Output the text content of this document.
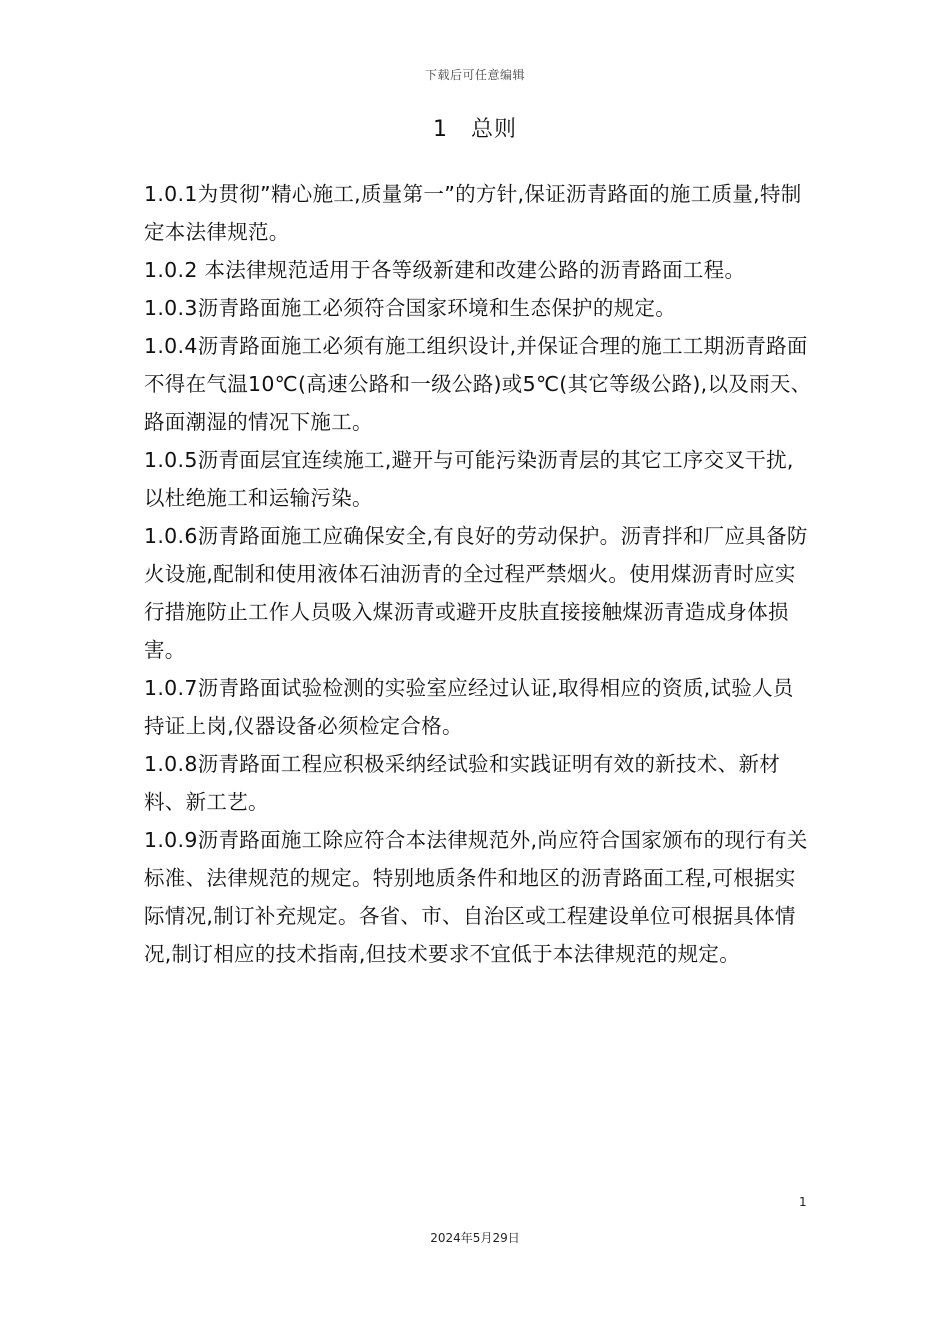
下载后可任意编辑
1　总则

1.0.1为贯彻”精心施工,质量第一”的方针,保证沥青路面的施工质量,特制定本法律规范。

1.0.2 本法律规范适用于各等级新建和改建公路的沥青路面工程。

1.0.3沥青路面施工必须符合国家环境和生态保护的规定。

1.0.4沥青路面施工必须有施工组织设计,并保证合理的施工工期沥青路面不得在气温10℃(高速公路和一级公路)或5℃(其它等级公路),以及雨天、路面潮湿的情况下施工。

1.0.5沥青面层宜连续施工,避开与可能污染沥青层的其它工序交叉干扰,以杜绝施工和运输污染。

1.0.6沥青路面施工应确保安全,有良好的劳动保护。沥青拌和厂应具备防火设施,配制和使用液体石油沥青的全过程严禁烟火。使用煤沥青时应实行措施防止工作人员吸入煤沥青或避开皮肤直接接触煤沥青造成身体损害。

1.0.7沥青路面试验检测的实验室应经过认证,取得相应的资质,试验人员持证上岗,仪器设备必须检定合格。

1.0.8沥青路面工程应积极采纳经试验和实践证明有效的新技术、新材料、新工艺。

1.0.9沥青路面施工除应符合本法律规范外,尚应符合国家颁布的现行有关标准、法律规范的规定。特别地质条件和地区的沥青路面工程,可根据实际情况,制订补充规定。各省、市、自治区或工程建设单位可根据具体情况,制订相应的技术指南,但技术要求不宜低于本法律规范的规定。

1
2024年5月29日
